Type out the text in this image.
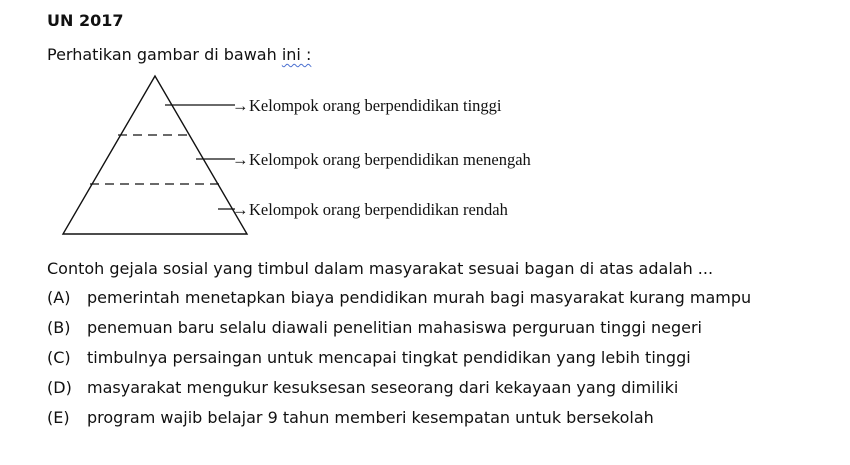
UN 2017
Perhatikan gambar di bawah ini :
→
→
→
Kelompok orang berpendidikan tinggi
Kelompok orang berpendidikan menengah
Kelompok orang berpendidikan rendah
Contoh gejala sosial yang timbul dalam masyarakat sesuai bagan di atas adalah ...
(A) pemerintah menetapkan biaya pendidikan murah bagi masyarakat kurang mampu
(B) penemuan baru selalu diawali penelitian mahasiswa perguruan tinggi negeri
(C) timbulnya persaingan untuk mencapai tingkat pendidikan yang lebih tinggi
(D) masyarakat mengukur kesuksesan seseorang dari kekayaan yang dimiliki
(E) program wajib belajar 9 tahun memberi kesempatan untuk bersekolah
